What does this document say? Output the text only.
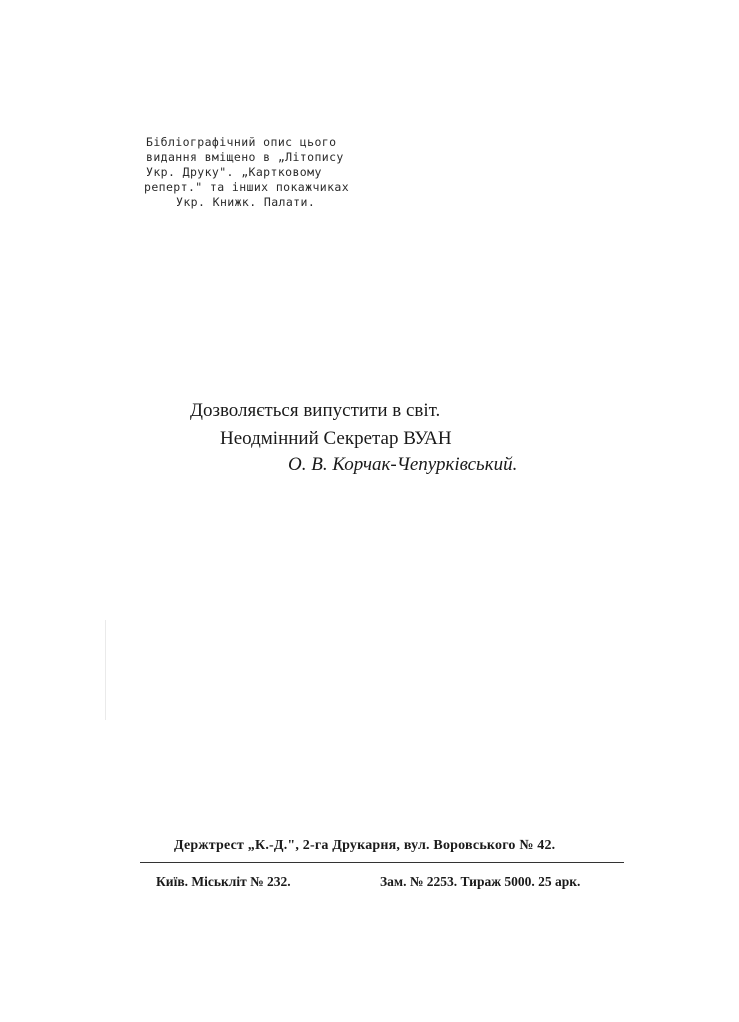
Бібліографічний опис цього
видання вміщено в „Літопису
Укр. Друку". „Картковому
реперт." та інших покажчиках
Укр. Книжк. Палати.
Дозволяється випустити в світ.
Неодмінний Секретар ВУАН
О. В. Корчак-Чепурківський.
Держтрест „К.-Д.", 2-га Друкарня, вул. Воровського № 42.
Київ. Міськліт № 232.	Зам. № 2253. Тираж 5000. 25 арк.
